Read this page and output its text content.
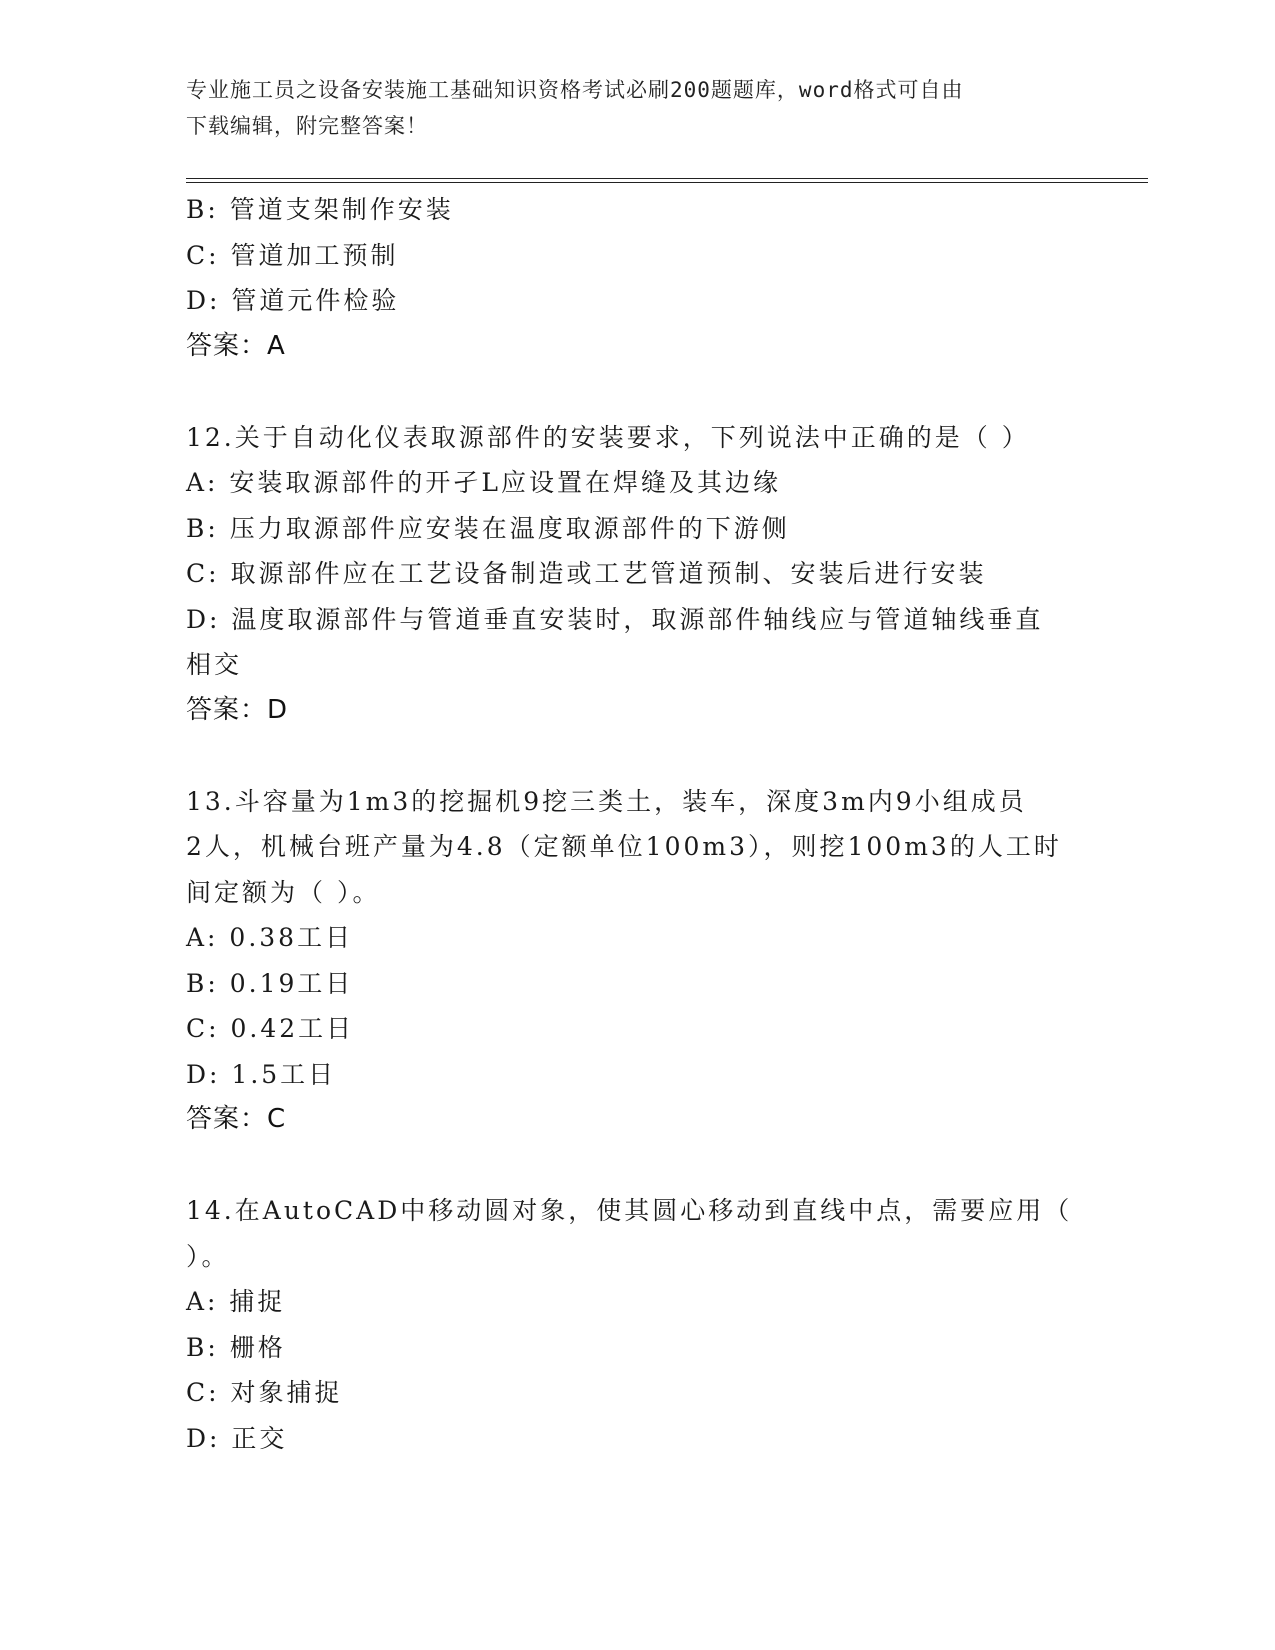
专业施工员之设备安装施工基础知识资格考试必刷200题题库，word格式可自由
下载编辑，附完整答案！
B: 管道支架制作安装
C: 管道加工预制
D: 管道元件检验
答案：A
12.关于自动化仪表取源部件的安装要求，下列说法中正确的是（ ）
A: 安装取源部件的开孑L应设置在焊缝及其边缘
B: 压力取源部件应安装在温度取源部件的下游侧
C: 取源部件应在工艺设备制造或工艺管道预制、安装后进行安装
D: 温度取源部件与管道垂直安装时，取源部件轴线应与管道轴线垂直
相交
答案：D
13.斗容量为1m3的挖掘机9挖三类土，装车，深度3m内9小组成员
2人，机械台班产量为4.8（定额单位100m3），则挖100m3的人工时
间定额为（ ）。
A: 0.38工日
B: 0.19工日
C: 0.42工日
D: 1.5工日
答案：C
14.在AutoCAD中移动圆对象，使其圆心移动到直线中点，需要应用（
）。
A: 捕捉
B: 栅格
C: 对象捕捉
D: 正交
